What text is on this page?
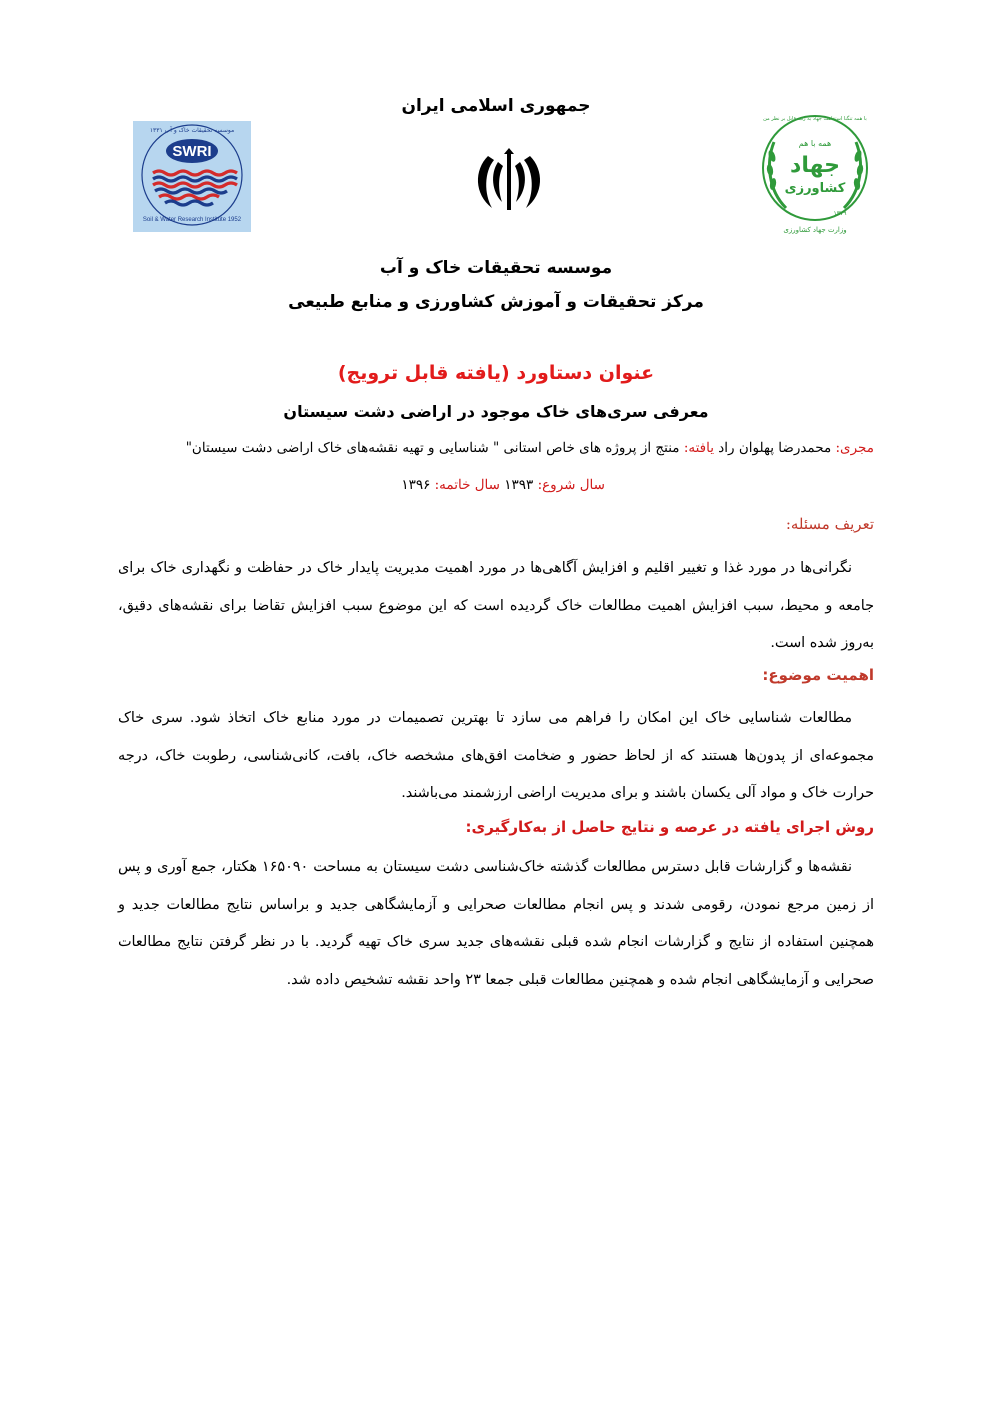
جمهوری اسلامی ایران
SWRI
Soil & Water Research Institute 1952
موسسه تحقیقات خاک و آب ۱۳۳۱
همه با هم
جهاد
کشاورزی
۱۳۷۹
وزارت جهاد کشاورزی
با همه تنگنا استقامت جهاد به رتبه قابل بر نظر من
موسسه تحقیقات خاک و آب
مرکز تحقیقات و آموزش کشاورزی و منابع طبیعی
عنوان دستاورد (یافته قابل ترویج)
معرفی سری‌های خاک موجود در اراضی دشت سیستان
مجری: محمدرضا پهلوان راد یافته: منتج از پروژه های خاص استانی " شناسایی و تهیه نقشه‌های خاک اراضی دشت سیستان"
سال شروع: ۱۳۹۳ سال خاتمه: ۱۳۹۶
تعریف مسئله:
نگرانی‌ها در مورد غذا و تغییر اقلیم و افزایش آگاهی‌ها در مورد اهمیت مدیریت پایدار خاک در حفاظت و نگهداری خاک برای جامعه و محیط، سبب افزایش اهمیت مطالعات خاک گردیده است که این موضوع سبب افزایش تقاضا برای نقشه‌های دقیق، به‌روز شده است.
اهمیت موضوع:
مطالعات شناسایی خاک این امکان را فراهم می سازد تا بهترین تصمیمات در مورد منابع خاک اتخاذ شود. سری خاک مجموعه‌ای از پدون‌ها هستند که از لحاظ حضور و ضخامت افق‌های مشخصه خاک، بافت، کانی‌شناسی، رطوبت خاک، درجه حرارت خاک و مواد آلی یکسان باشند و برای مدیریت اراضی ارزشمند می‌باشند.
روش اجرای یافته در عرصه و نتایج حاصل از به‌کارگیری:
نقشه‌ها و گزارشات قابل دسترس مطالعات گذشته خاک‌شناسی دشت سیستان به مساحت ۱۶۵۰۹۰ هکتار، جمع آوری و پس از زمین مرجع نمودن، رقومی شدند و پس انجام مطالعات صحرایی و آزمایشگاهی جدید و براساس نتایج مطالعات جدید و همچنین استفاده از نتایج و گزارشات انجام شده قبلی نقشه‌های جدید سری خاک تهیه گردید. با در نظر گرفتن نتایج مطالعات صحرایی و آزمایشگاهی انجام شده و همچنین مطالعات قبلی جمعا ۲۳ واحد نقشه تشخیص داده شد.
